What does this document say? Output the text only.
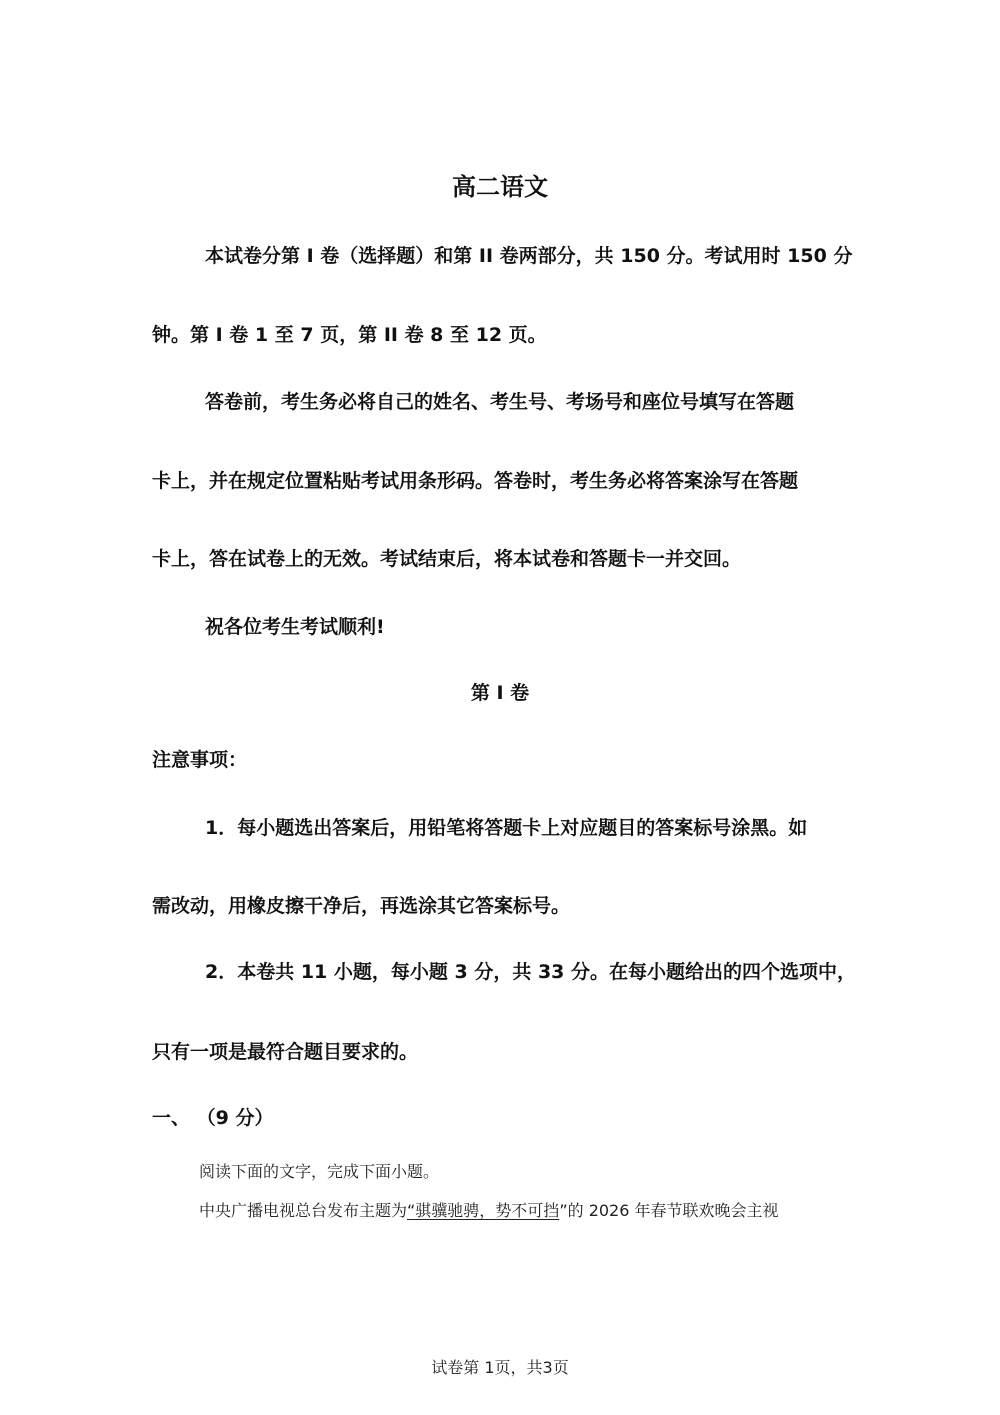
高二语文
本试卷分第 I 卷（选择题）和第 II 卷两部分，共 150 分。考试用时 150 分
钟。第 I 卷 1 至 7 页，第 II 卷 8 至 12 页。
答卷前，考生务必将自己的姓名、考生号、考场号和座位号填写在答题
卡上，并在规定位置粘贴考试用条形码。答卷时，考生务必将答案涂写在答题
卡上，答在试卷上的无效。考试结束后，将本试卷和答题卡一并交回。
祝各位考生考试顺利!
第 I 卷
注意事项：
1．每小题选出答案后，用铅笔将答题卡上对应题目的答案标号涂黑。如
需改动，用橡皮擦干净后，再选涂其它答案标号。
2．本卷共 11 小题，每小题 3 分，共 33 分。在每小题给出的四个选项中，
只有一项是最符合题目要求的。
一、 （9 分）
阅读下面的文字，完成下面小题。
中央广播电视总台发布主题为“骐骥驰骋，势不可挡”的 2026 年春节联欢晚会主视
试卷第 1页，共3页
